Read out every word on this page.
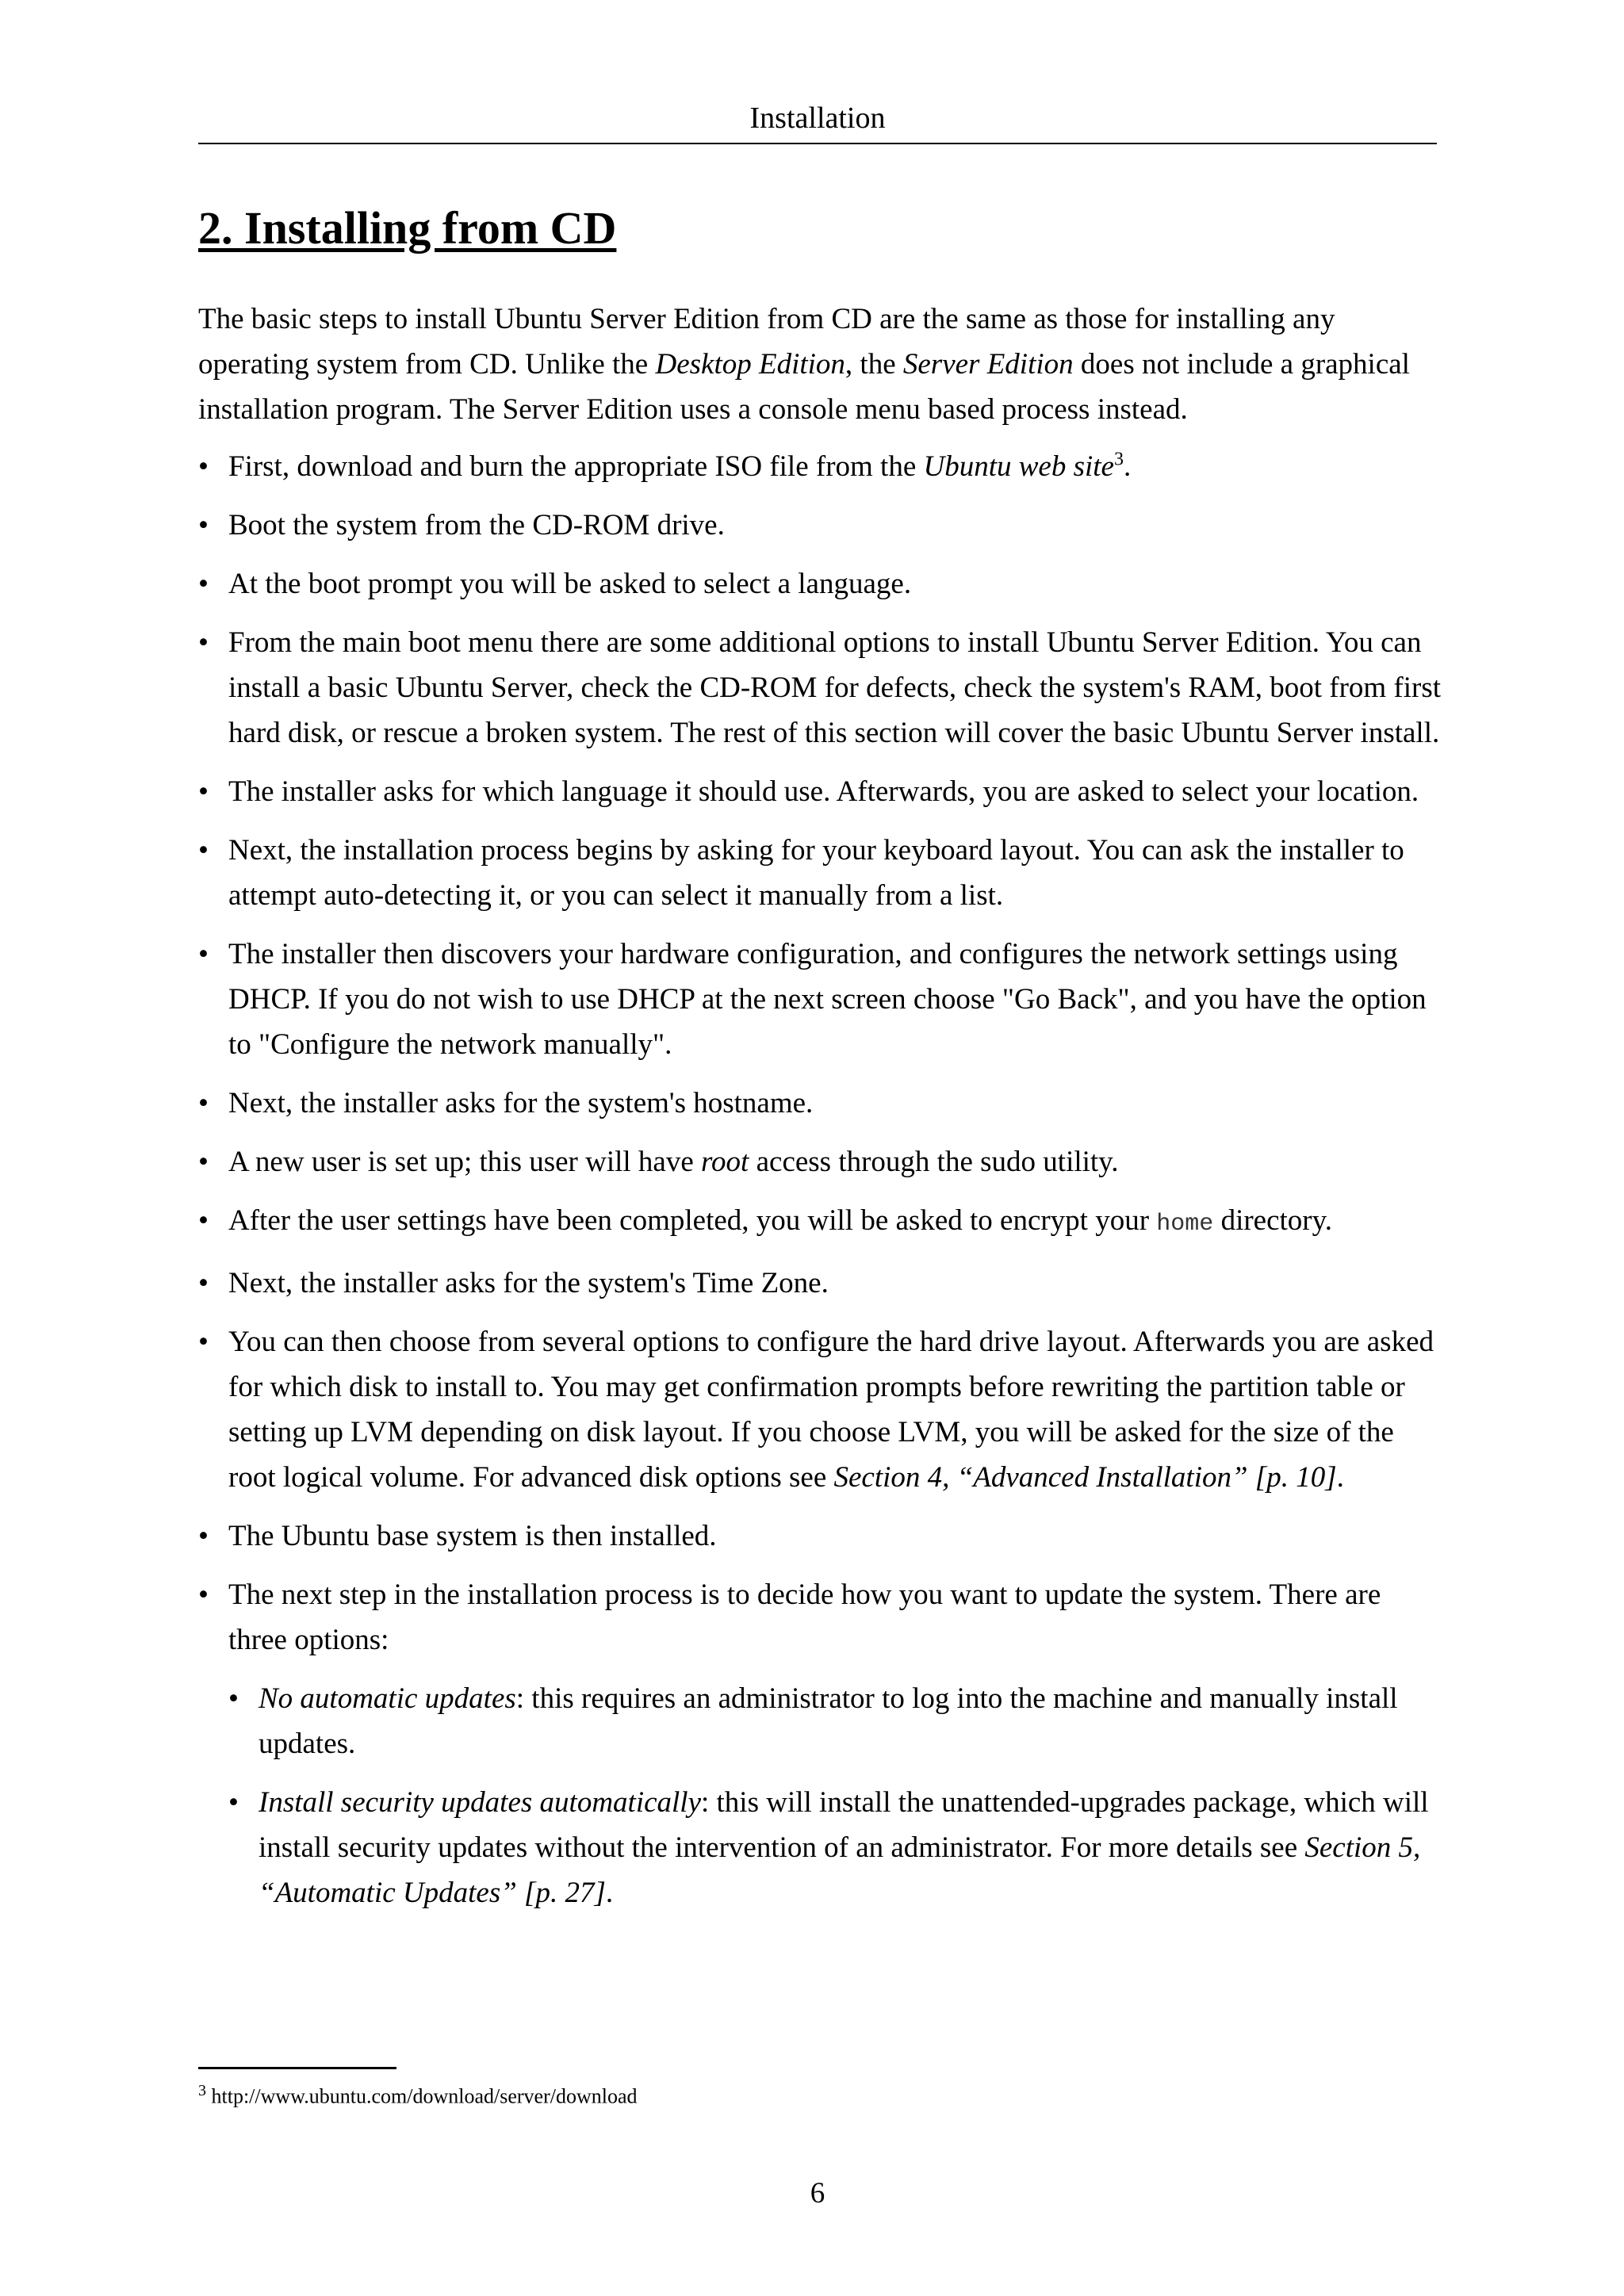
Installation
2. Installing from CD

The basic steps to install Ubuntu Server Edition from CD are the same as those for installing any operating system from CD. Unlike the Desktop Edition, the Server Edition does not include a graphical installation program. The Server Edition uses a console menu based process instead.

• First, download and burn the appropriate ISO file from the Ubuntu web site$^3$.
• Boot the system from the CD-ROM drive.
• At the boot prompt you will be asked to select a language.
• From the main boot menu there are some additional options to install Ubuntu Server Edition. You can install a basic Ubuntu Server, check the CD-ROM for defects, check the system's RAM, boot from first hard disk, or rescue a broken system. The rest of this section will cover the basic Ubuntu Server install.
• The installer asks for which language it should use. Afterwards, you are asked to select your location.
• Next, the installation process begins by asking for your keyboard layout. You can ask the installer to attempt auto-detecting it, or you can select it manually from a list.
• The installer then discovers your hardware configuration, and configures the network settings using DHCP. If you do not wish to use DHCP at the next screen choose "Go Back", and you have the option to "Configure the network manually".
• Next, the installer asks for the system's hostname.
• A new user is set up; this user will have root access through the sudo utility.
• After the user settings have been completed, you will be asked to encrypt your home directory.
• Next, the installer asks for the system's Time Zone.
• You can then choose from several options to configure the hard drive layout. Afterwards you are asked for which disk to install to. You may get confirmation prompts before rewriting the partition table or setting up LVM depending on disk layout. If you choose LVM, you will be asked for the size of the root logical volume. For advanced disk options see Section 4, “Advanced Installation” [p. 10].
• The Ubuntu base system is then installed.
• The next step in the installation process is to decide how you want to update the system. There are three options:
• No automatic updates: this requires an administrator to log into the machine and manually install updates.
• Install security updates automatically: this will install the unattended-upgrades package, which will install security updates without the intervention of an administrator. For more details see Section 5, “Automatic Updates” [p. 27].
$^3$ http://www.ubuntu.com/download/server/download
6
